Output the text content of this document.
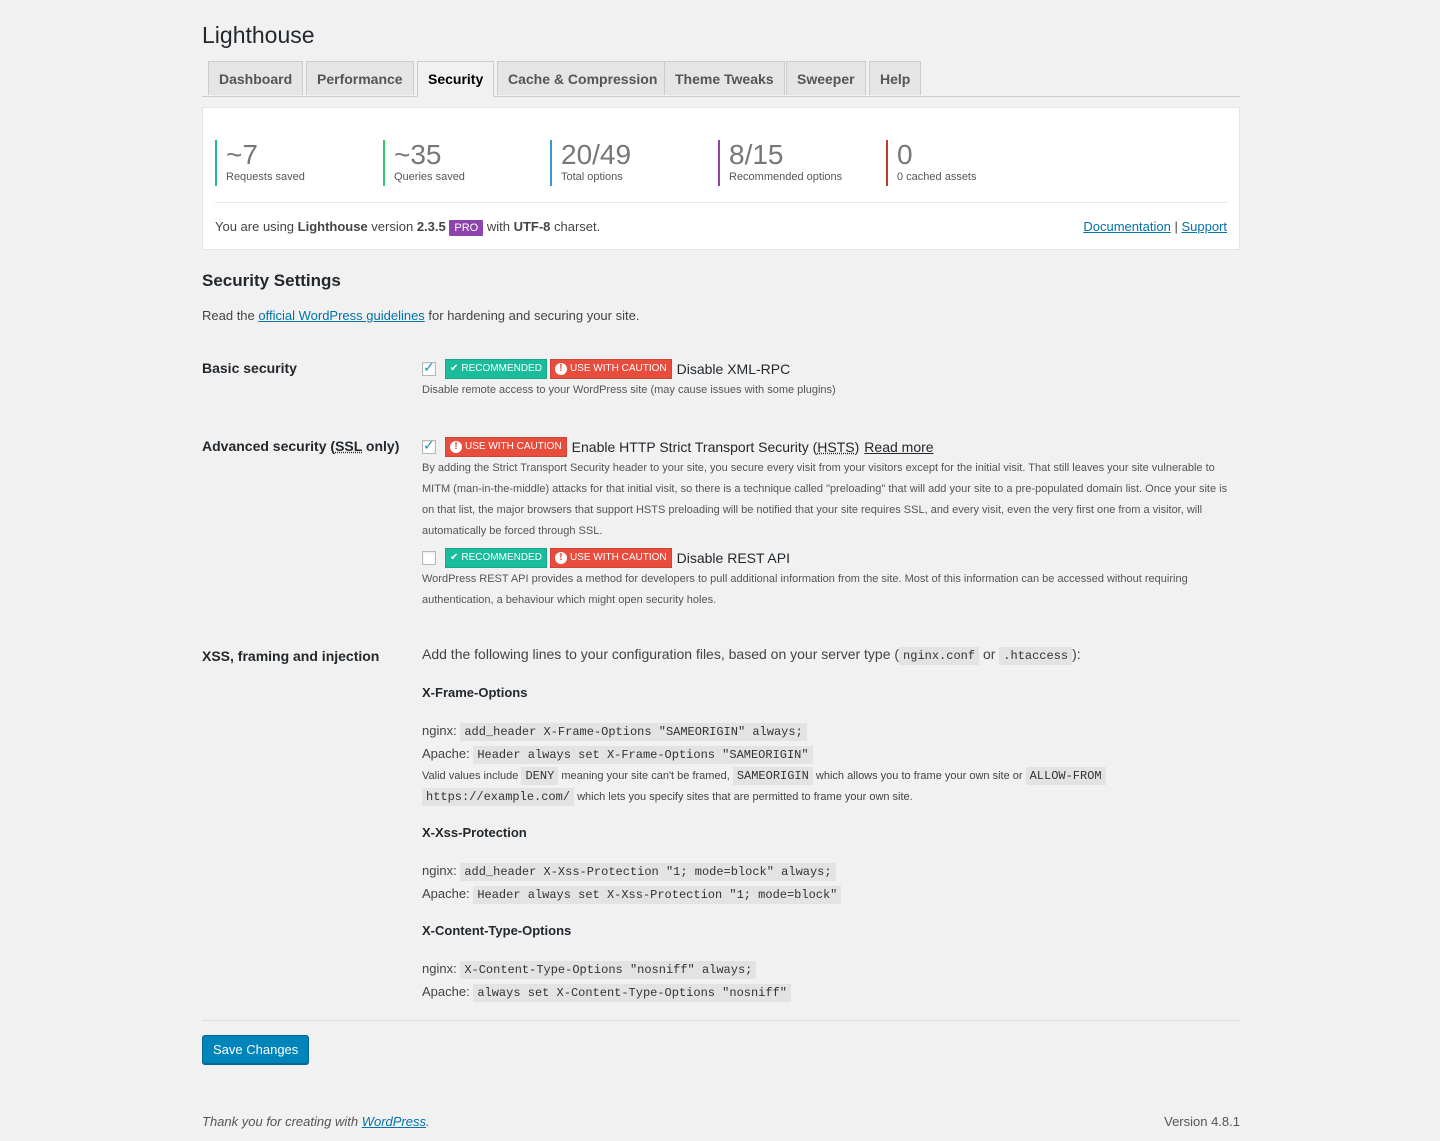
Lighthouse
Dashboard	Performance	Security	Cache & Compression	Theme Tweaks	Sweeper	Help
~7
Requests saved
~35
Queries saved
20/49
Total options
8/15
Recommended options
0
0 cached assets
You are using Lighthouse version 2.3.5 PRO with UTF-8 charset.	Documentation | Support
Security Settings
Read the official WordPress guidelines for hardening and securing your site.
Basic security ✓	✔ RECOMMENDED	! USE WITH CAUTION Disable XML-RPC
Disable remote access to your WordPress site (may cause issues with some plugins)
Advanced security (SSL only) ✓	! USE WITH CAUTION Enable HTTP Strict Transport Security (HSTS) Read more
By adding the Strict Transport Security header to your site, you secure every visit from your visitors except for the initial visit. That still leaves your site vulnerable to MITM (man-in-the-middle) attacks for that initial visit, so there is a technique called "preloading" that will add your site to a pre-populated domain list. Once your site is on that list, the major browsers that support HSTS preloading will be notified that your site requires SSL, and every visit, even the very first one from a visitor, will automatically be forced through SSL.
✔ RECOMMENDED	! USE WITH CAUTION Disable REST API
WordPress REST API provides a method for developers to pull additional information from the site. Most of this information can be accessed without requiring authentication, a behaviour which might open security holes.
XSS, framing and injection	Add the following lines to your configuration files, based on your server type ( nginx.conf or .htaccess ):
X-Frame-Options
nginx: add_header X-Frame-Options "SAMEORIGIN" always;
Apache: Header always set X-Frame-Options "SAMEORIGIN"
Valid values include DENY meaning your site can't be framed, SAMEORIGIN which allows you to frame your own site or ALLOW-FROM https://example.com/ which lets you specify sites that are permitted to frame your own site.
X-Xss-Protection
nginx: add_header X-Xss-Protection "1; mode=block" always;
Apache: Header always set X-Xss-Protection "1; mode=block"
X-Content-Type-Options
nginx: X-Content-Type-Options "nosniff" always;
Apache: always set X-Content-Type-Options "nosniff"
Save Changes
Thank you for creating with WordPress.	Version 4.8.1
